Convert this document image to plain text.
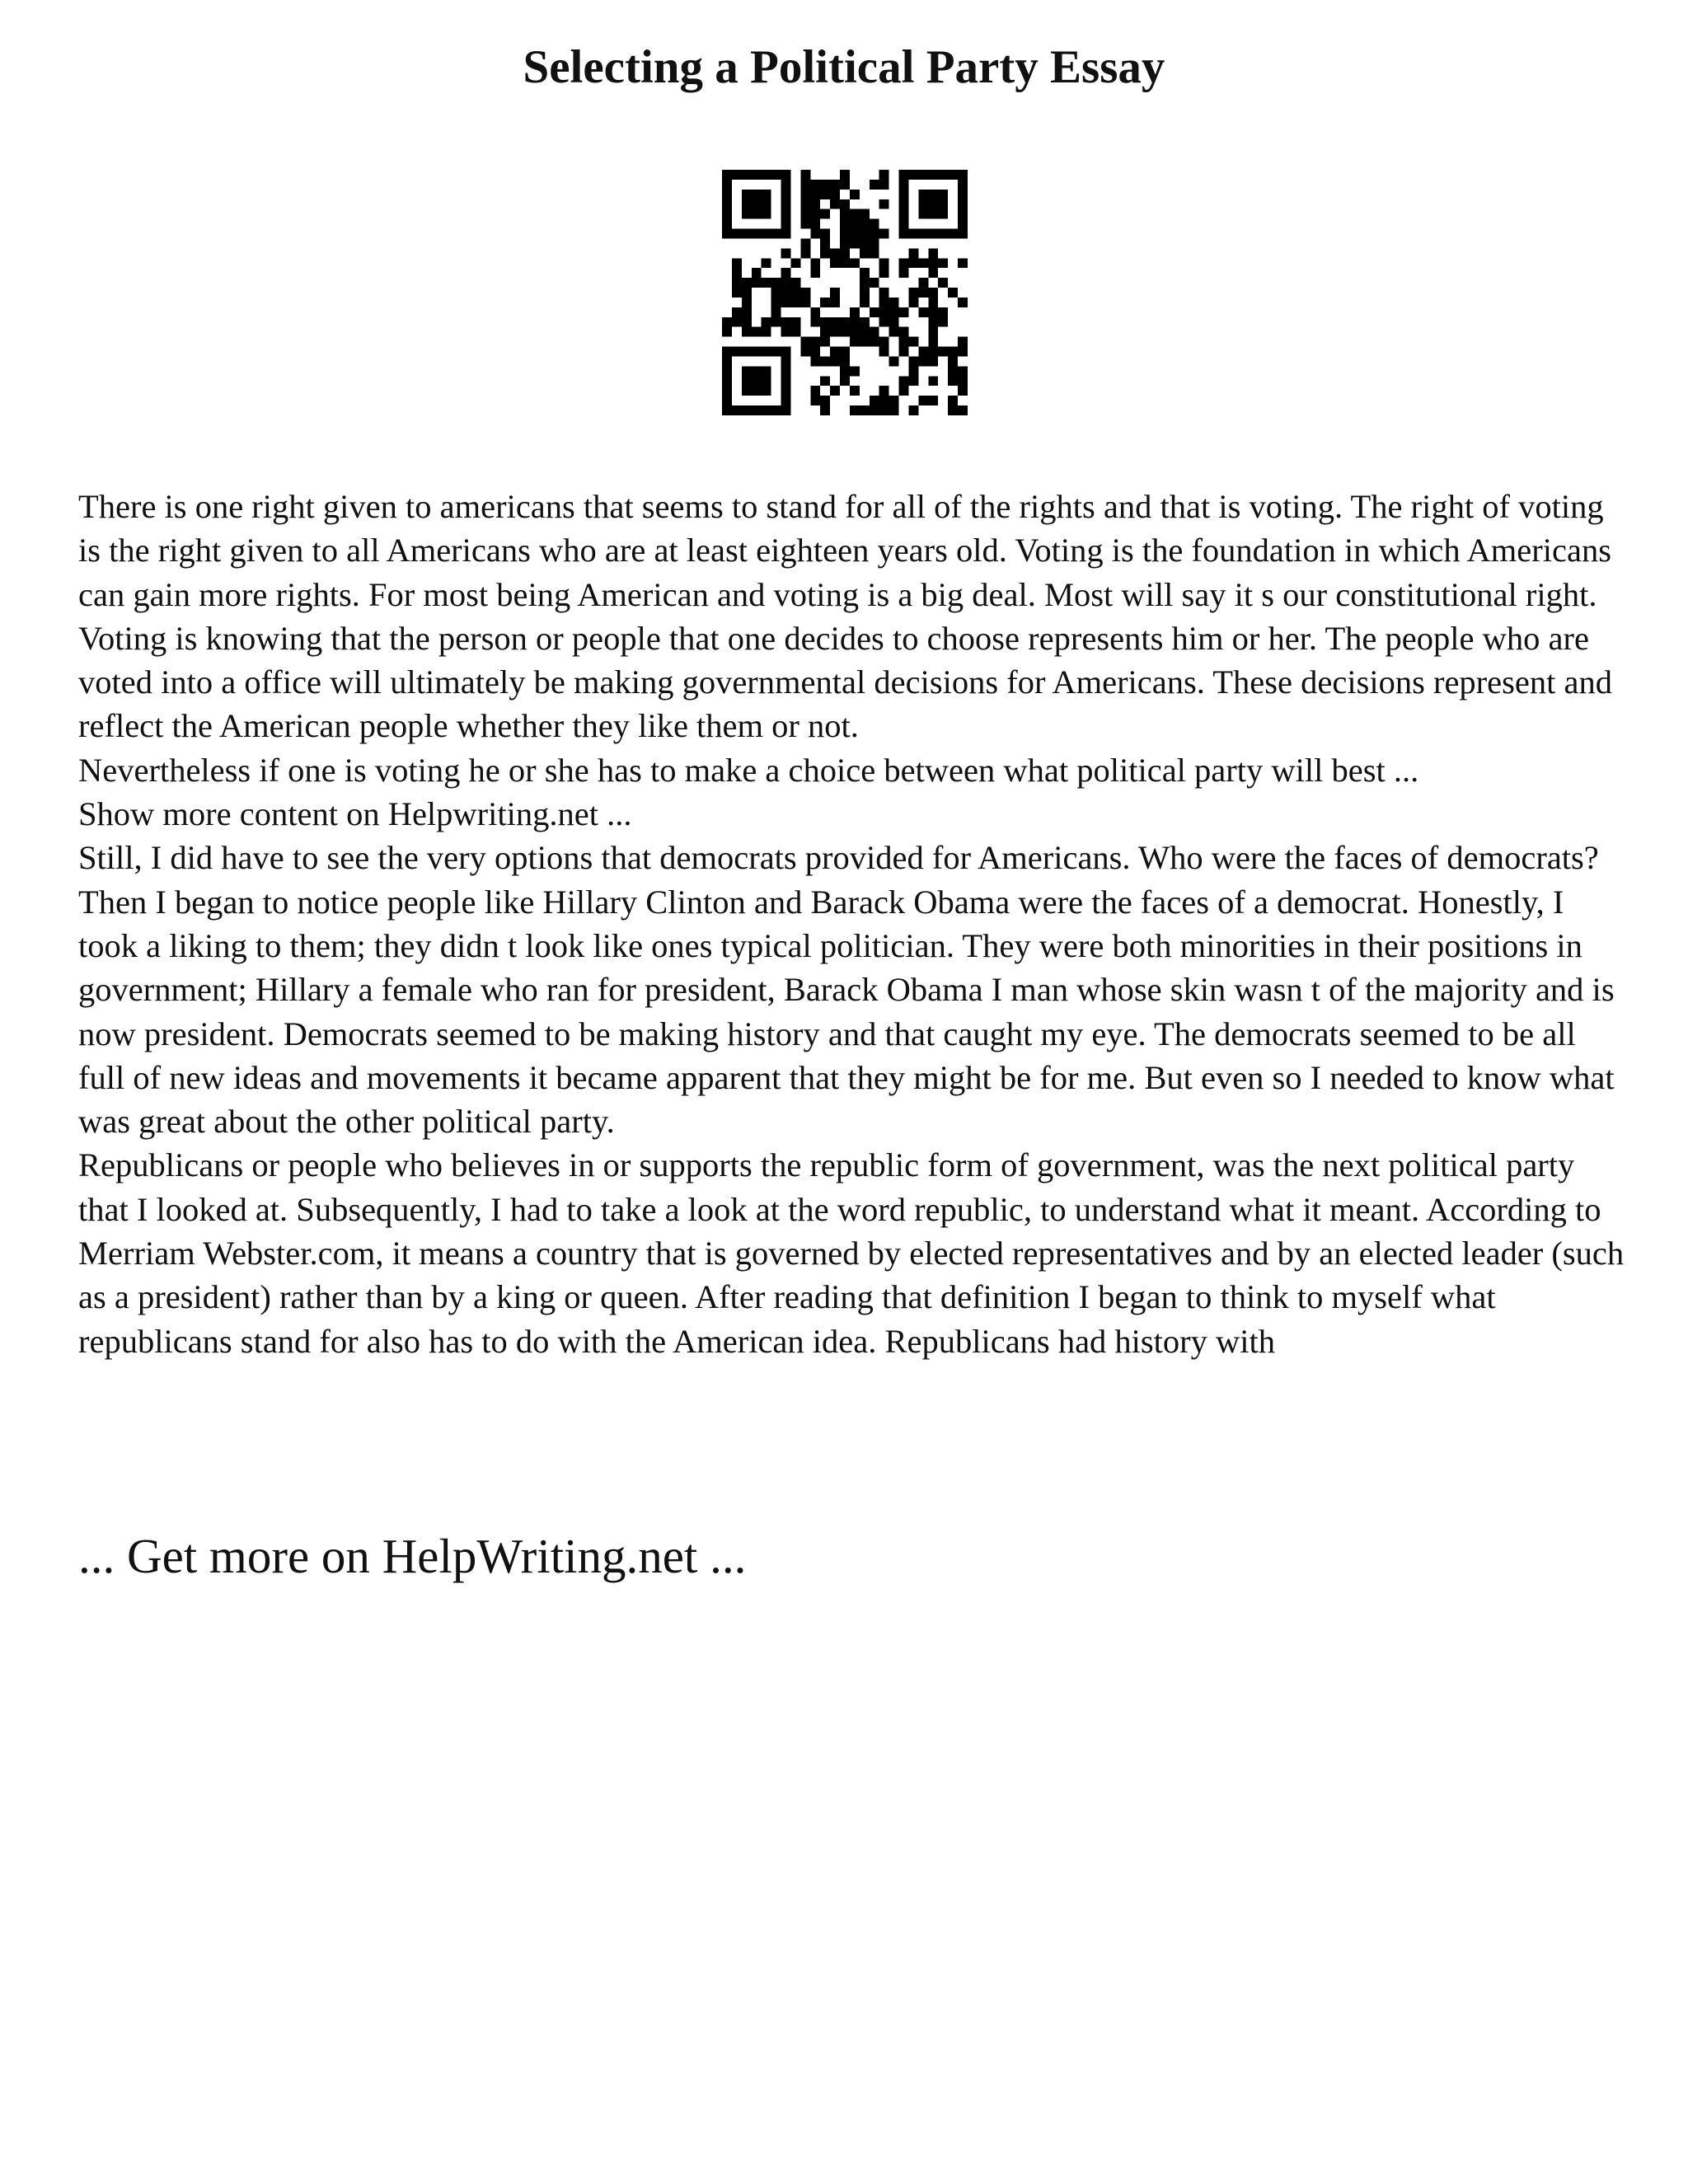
Selecting a Political Party Essay

There is one right given to americans that seems to stand for all of the rights and that is voting. The right of voting is the right given to all Americans who are at least eighteen years old. Voting is the foundation in which Americans can gain more rights. For most being American and voting is a big deal. Most will say it s our constitutional right. Voting is knowing that the person or people that one decides to choose represents him or her. The people who are voted into a office will ultimately be making governmental decisions for Americans. These decisions represent and reflect the American people whether they like them or not.

Nevertheless if one is voting he or she has to make a choice between what political party will best ...

Show more content on Helpwriting.net ...

Still, I did have to see the very options that democrats provided for Americans. Who were the faces of democrats? Then I began to notice people like Hillary Clinton and Barack Obama were the faces of a democrat. Honestly, I took a liking to them; they didn t look like ones typical politician. They were both minorities in their positions in government; Hillary a female who ran for president, Barack Obama I man whose skin wasn t of the majority and is now president. Democrats seemed to be making history and that caught my eye. The democrats seemed to be all full of new ideas and movements it became apparent that they might be for me. But even so I needed to know what was great about the other political party.

Republicans or people who believes in or supports the republic form of government, was the next political party that I looked at. Subsequently, I had to take a look at the word republic, to understand what it meant. According to Merriam Webster.com, it means a country that is governed by elected representatives and by an elected leader (such as a president) rather than by a king or queen. After reading that definition I began to think to myself what republicans stand for also has to do with the American idea. Republicans had history with

... Get more on HelpWriting.net ...
